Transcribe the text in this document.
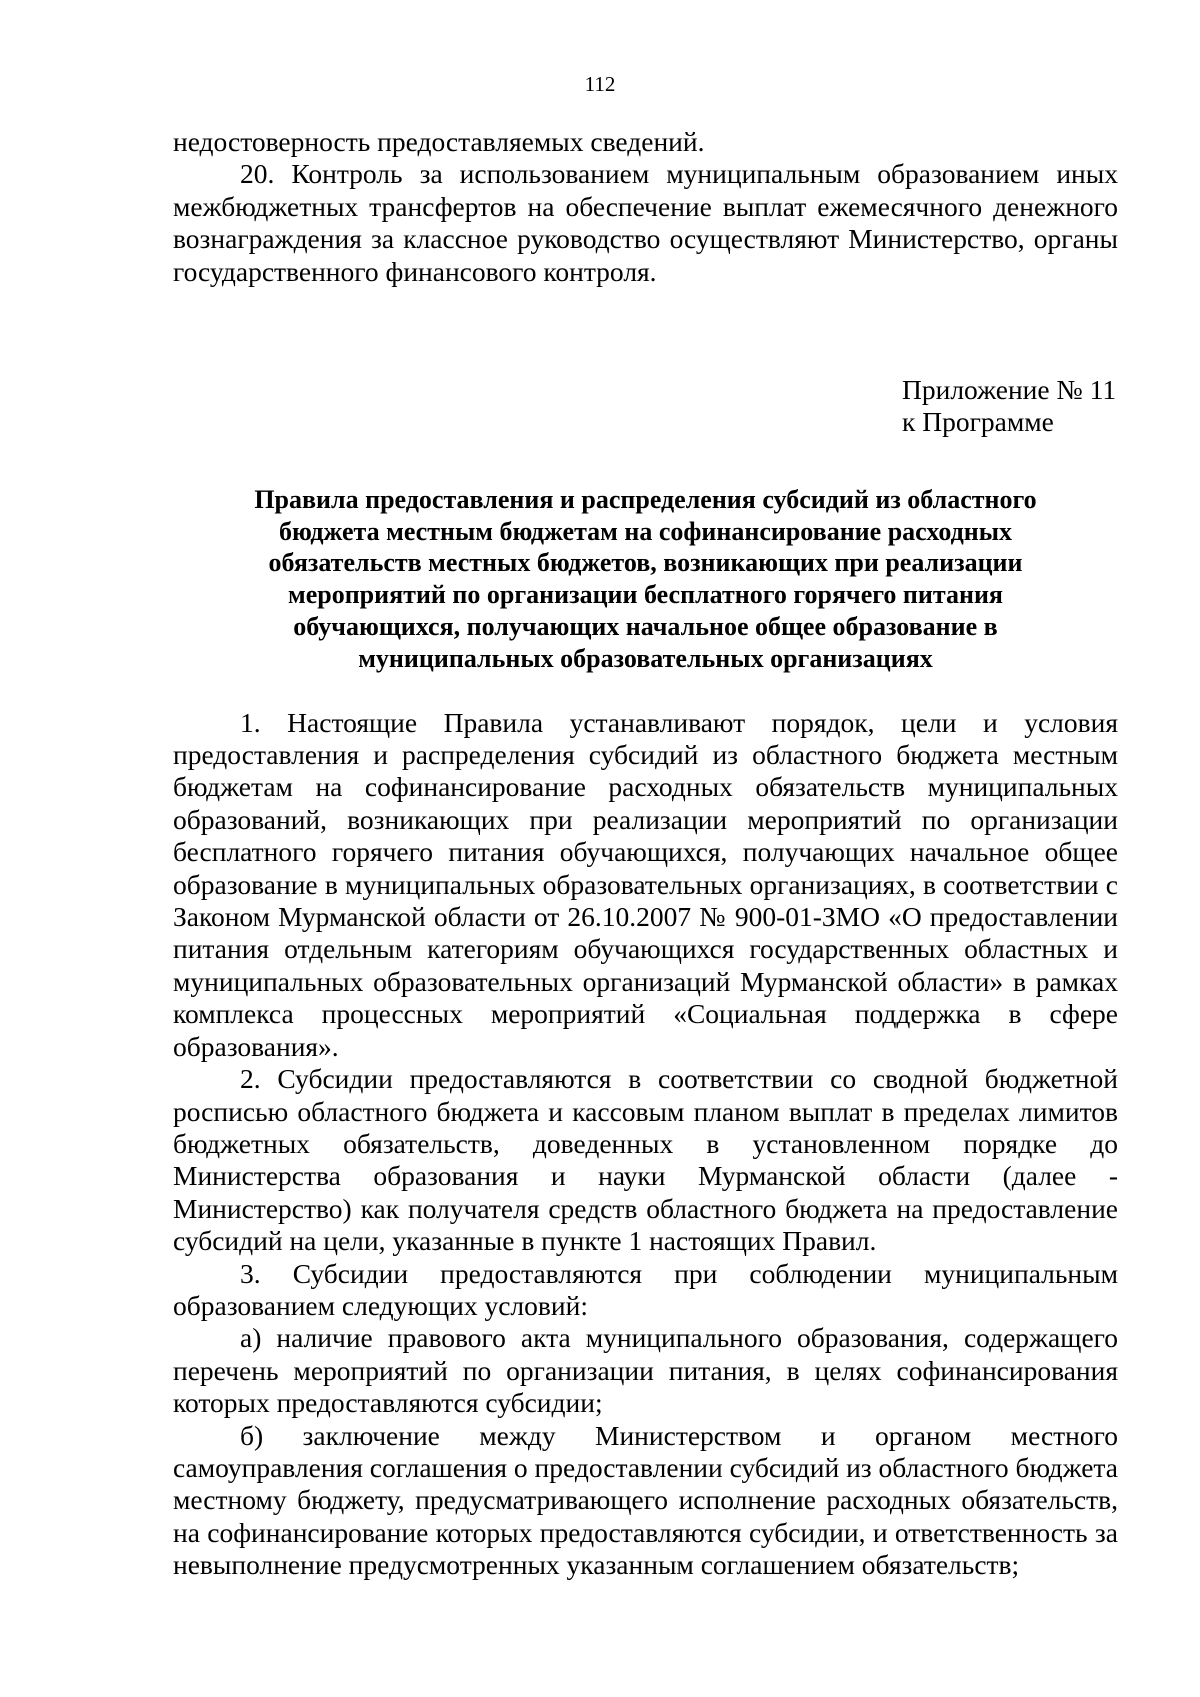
112

недостоверность предоставляемых сведений.

20. Контроль за использованием муниципальным образованием иных межбюджетных трансфертов на обеспечение выплат ежемесячного денежного вознаграждения за классное руководство осуществляют Министерство, органы государственного финансового контроля.

Приложение № 11
к Программе
Правила предоставления и распределения субсидий из областного
бюджета местным бюджетам на софинансирование расходных
обязательств местных бюджетов, возникающих при реализации
мероприятий по организации бесплатного горячего питания
обучающихся, получающих начальное общее образование в
муниципальных образовательных организациях

1. Настоящие Правила устанавливают порядок, цели и условия предоставления и распределения субсидий из областного бюджета местным бюджетам на софинансирование расходных обязательств муниципальных образований, возникающих при реализации мероприятий по организации бесплатного горячего питания обучающихся, получающих начальное общее образование в муниципальных образовательных организациях, в соответствии с Законом Мурманской области от 26.10.2007 № 900-01-ЗМО «О предоставлении питания отдельным категориям обучающихся государственных областных и муниципальных образовательных организаций Мурманской области» в рамках комплекса процессных мероприятий «Социальная поддержка в сфере образования».

2. Субсидии предоставляются в соответствии со сводной бюджетной росписью областного бюджета и кассовым планом выплат в пределах лимитов бюджетных обязательств, доведенных в установленном порядке до Министерства образования и науки Мурманской области (далее - Министерство) как получателя средств областного бюджета на предоставление субсидий на цели, указанные в пункте 1 настоящих Правил.

3. Субсидии предоставляются при соблюдении муниципальным образованием следующих условий:

а) наличие правового акта муниципального образования, содержащего перечень мероприятий по организации питания, в целях софинансирования которых предоставляются субсидии;

б) заключение между Министерством и органом местного самоуправления соглашения о предоставлении субсидий из областного бюджета местному бюджету, предусматривающего исполнение расходных обязательств, на софинансирование которых предоставляются субсидии, и ответственность за невыполнение предусмотренных указанным соглашением обязательств;
